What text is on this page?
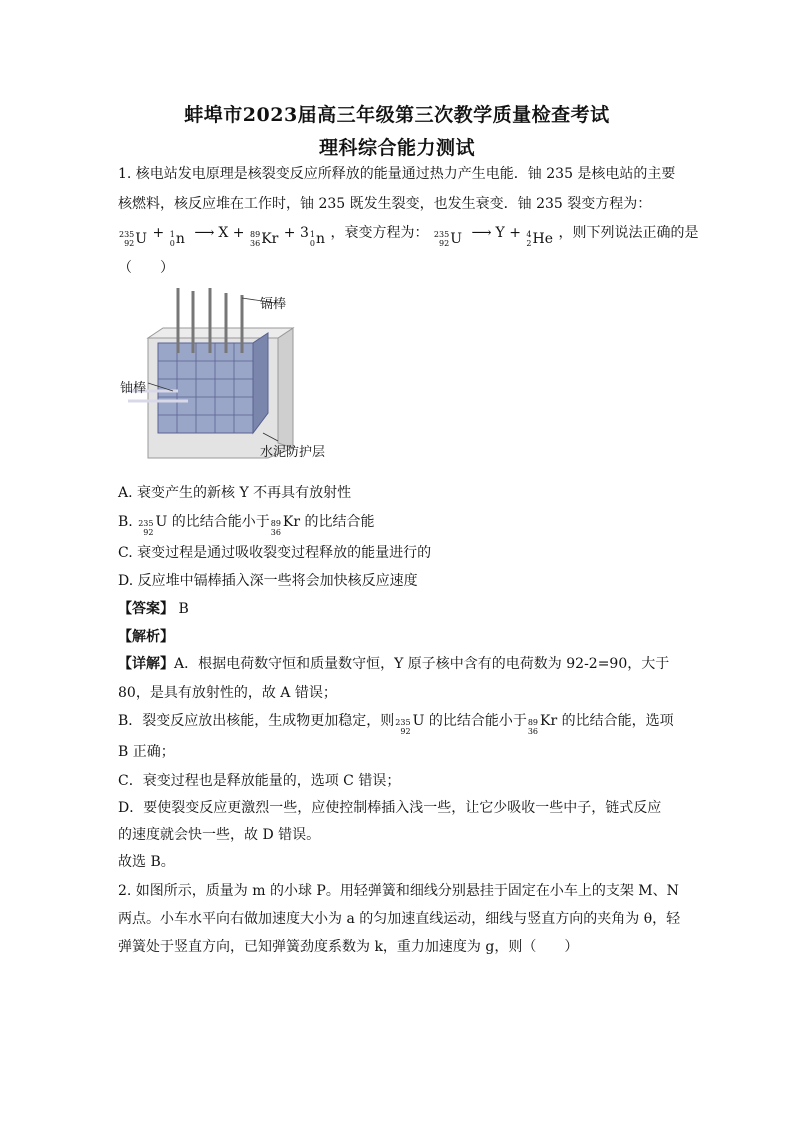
蚌埠市2023届高三年级第三次教学质量检查考试
理科综合能力测试
1. 核电站发电原理是核裂变反应所释放的能量通过热力产生电能．铀 235 是核电站的主要
核燃料，核反应堆在工作时，铀 235 既发生裂变，也发生衰变．铀 235 裂变方程为：
235
92 U + 1
0 n ⟶ X + 89
36 Kr + 3 1
0 n ，衰变方程为： 235
92 U ⟶ Y + 4
2 He ，则下列说法正确的是
（　　）
镉棒
铀棒
水泥防护层
A. 衰变产生的新核 Y 不再具有放射性
B. 235
92
U 的比结合能小于 89
36
Kr 的比结合能
C. 衰变过程是通过吸收裂变过程释放的能量进行的
D. 反应堆中镉棒插入深一些将会加快核反应速度
【答案】 B
【解析】
【详解】A．根据电荷数守恒和质量数守恒，Y 原子核中含有的电荷数为 92-2=90，大于
80，是具有放射性的，故 A 错误；
B．裂变反应放出核能，生成物更加稳定，则 235
92
U 的比结合能小于 89
36
Kr 的比结合能，选项
B 正确；
C．衰变过程也是释放能量的，选项 C 错误；
D．要使裂变反应更激烈一些，应使控制棒插入浅一些，让它少吸收一些中子，链式反应
的速度就会快一些，故 D 错误。
故选 B。
2. 如图所示，质量为 m 的小球 P。用轻弹簧和细线分别悬挂于固定在小车上的支架 M、N
两点。小车水平向右做加速度大小为 a 的匀加速直线运动，细线与竖直方向的夹角为 θ，轻
弹簧处于竖直方向，已知弹簧劲度系数为 k，重力加速度为 g，则（　　）
